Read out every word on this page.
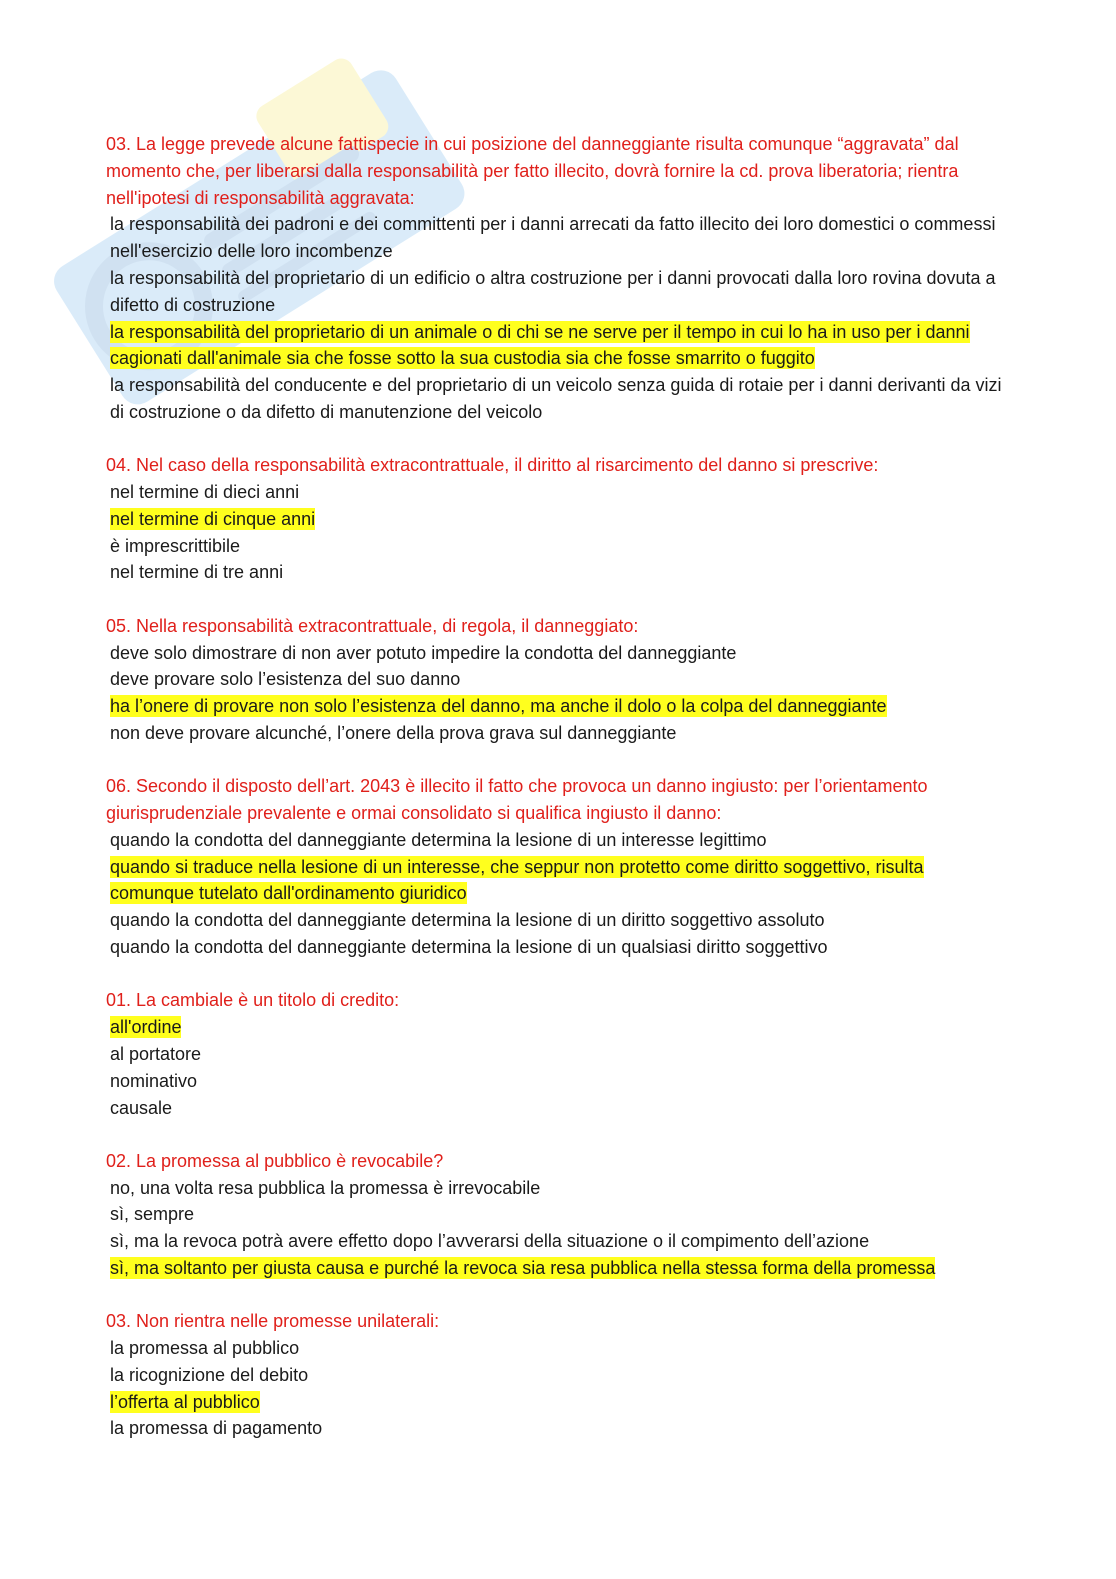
03. La legge prevede alcune fattispecie in cui posizione del danneggiante risulta comunque “aggravata” dal momento che, per liberarsi dalla responsabilità per fatto illecito, dovrà fornire la cd. prova liberatoria; rientra nell'ipotesi di responsabilità aggravata:
la responsabilità dei padroni e dei committenti per i danni arrecati da fatto illecito dei loro domestici o commessi nell'esercizio delle loro incombenze
la responsabilità del proprietario di un edificio o altra costruzione per i danni provocati dalla loro rovina dovuta a difetto di costruzione
la responsabilità del proprietario di un animale o di chi se ne serve per il tempo in cui lo ha in uso per i danni cagionati dall'animale sia che fosse sotto la sua custodia sia che fosse smarrito o fuggito
la responsabilità del conducente e del proprietario di un veicolo senza guida di rotaie per i danni derivanti da vizi di costruzione o da difetto di manutenzione del veicolo
04. Nel caso della responsabilità extracontrattuale, il diritto al risarcimento del danno si prescrive:
nel termine di dieci anni
nel termine di cinque anni
è imprescrittibile
nel termine di tre anni
05. Nella responsabilità extracontrattuale, di regola, il danneggiato:
deve solo dimostrare di non aver potuto impedire la condotta del danneggiante
deve provare solo l’esistenza del suo danno
ha l’onere di provare non solo l’esistenza del danno, ma anche il dolo o la colpa del danneggiante
non deve provare alcunché, l’onere della prova grava sul danneggiante
06. Secondo il disposto dell’art. 2043 è illecito il fatto che provoca un danno ingiusto: per l’orientamento giurisprudenziale prevalente e ormai consolidato si qualifica ingiusto il danno:
quando la condotta del danneggiante determina la lesione di un interesse legittimo
quando si traduce nella lesione di un interesse, che seppur non protetto come diritto soggettivo, risulta comunque tutelato dall'ordinamento giuridico
quando la condotta del danneggiante determina la lesione di un diritto soggettivo assoluto
quando la condotta del danneggiante determina la lesione di un qualsiasi diritto soggettivo
01. La cambiale è un titolo di credito:
all'ordine
al portatore
nominativo
causale
02. La promessa al pubblico è revocabile?
no, una volta resa pubblica la promessa è irrevocabile
sì, sempre
sì, ma la revoca potrà avere effetto dopo l’avverarsi della situazione o il compimento dell’azione
sì, ma soltanto per giusta causa e purché la revoca sia resa pubblica nella stessa forma della promessa
03. Non rientra nelle promesse unilaterali:
la promessa al pubblico
la ricognizione del debito
l’offerta al pubblico
la promessa di pagamento
